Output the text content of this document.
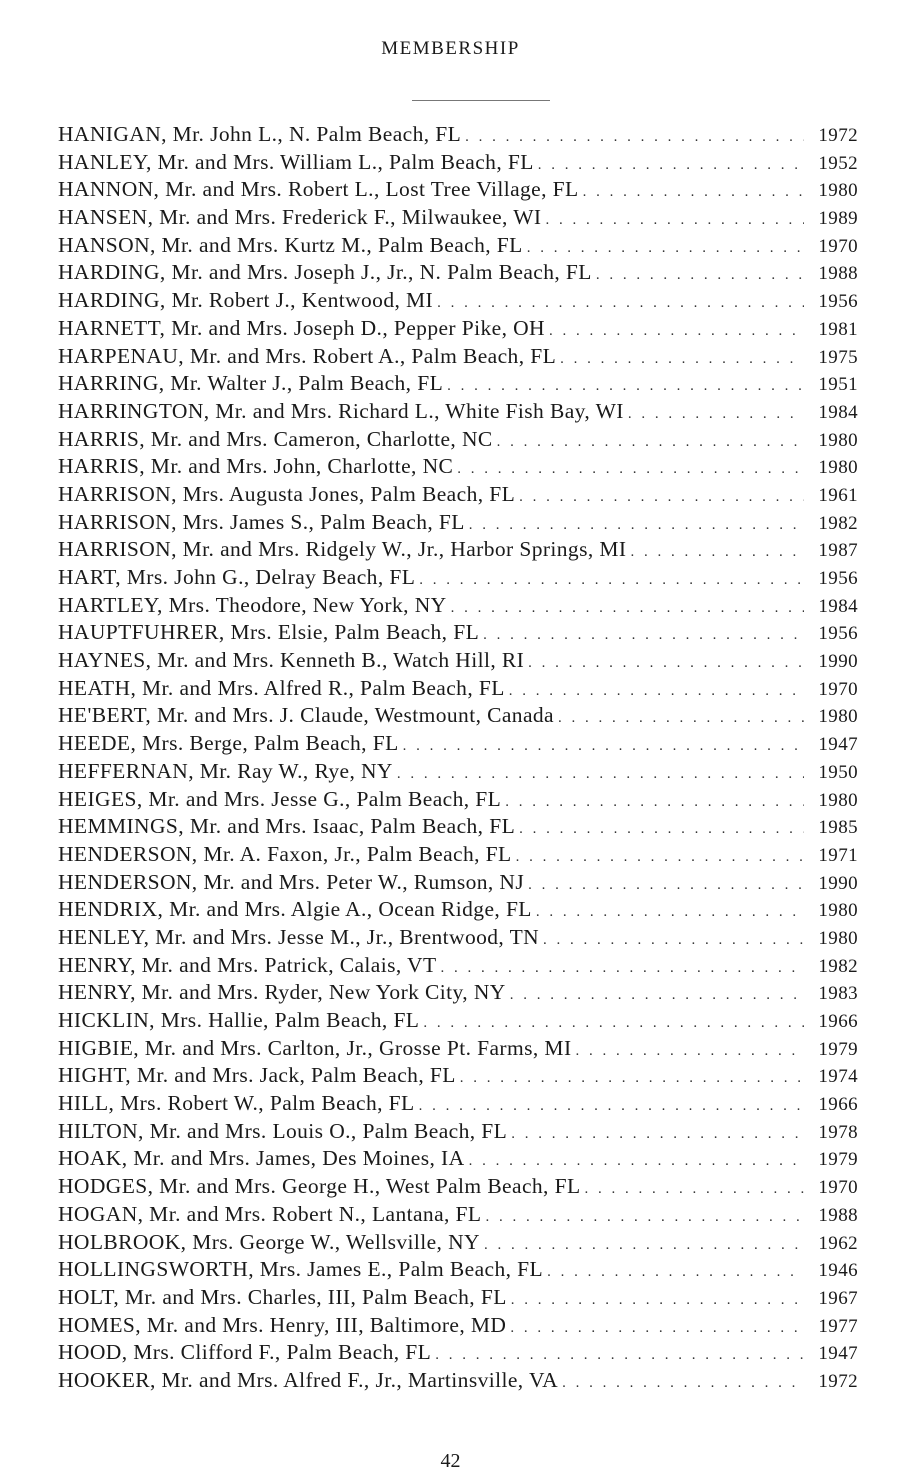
MEMBERSHIP
HANIGAN, Mr. John L., N. Palm Beach, FL . . .	1972
HANLEY, Mr. and Mrs. William L., Palm Beach, FL . . .	1952
HANNON, Mr. and Mrs. Robert L., Lost Tree Village, FL . . .	1980
HANSEN, Mr. and Mrs. Frederick F., Milwaukee, WI . . .	1989
HANSON, Mr. and Mrs. Kurtz M., Palm Beach, FL . . .	1970
HARDING, Mr. and Mrs. Joseph J., Jr., N. Palm Beach, FL . . .	1988
HARDING, Mr. Robert J., Kentwood, MI . . .	1956
HARNETT, Mr. and Mrs. Joseph D., Pepper Pike, OH . . .	1981
HARPENAU, Mr. and Mrs. Robert A., Palm Beach, FL . . .	1975
HARRING, Mr. Walter J., Palm Beach, FL . . .	1951
HARRINGTON, Mr. and Mrs. Richard L., White Fish Bay, WI . . .	1984
HARRIS, Mr. and Mrs. Cameron, Charlotte, NC . . .	1980
HARRIS, Mr. and Mrs. John, Charlotte, NC . . .	1980
HARRISON, Mrs. Augusta Jones, Palm Beach, FL . . .	1961
HARRISON, Mrs. James S., Palm Beach, FL . . .	1982
HARRISON, Mr. and Mrs. Ridgely W., Jr., Harbor Springs, MI . . .	1987
HART, Mrs. John G., Delray Beach, FL . . .	1956
HARTLEY, Mrs. Theodore, New York, NY . . .	1984
HAUPTFUHRER, Mrs. Elsie, Palm Beach, FL . . .	1956
HAYNES, Mr. and Mrs. Kenneth B., Watch Hill, RI . . .	1990
HEATH, Mr. and Mrs. Alfred R., Palm Beach, FL . . .	1970
HE'BERT, Mr. and Mrs. J. Claude, Westmount, Canada . . .	1980
HEEDE, Mrs. Berge, Palm Beach, FL . . .	1947
HEFFERNAN, Mr. Ray W., Rye, NY . . .	1950
HEIGES, Mr. and Mrs. Jesse G., Palm Beach, FL . . .	1980
HEMMINGS, Mr. and Mrs. Isaac, Palm Beach, FL . . .	1985
HENDERSON, Mr. A. Faxon, Jr., Palm Beach, FL . . .	1971
HENDERSON, Mr. and Mrs. Peter W., Rumson, NJ . . .	1990
HENDRIX, Mr. and Mrs. Algie A., Ocean Ridge, FL . . .	1980
HENLEY, Mr. and Mrs. Jesse M., Jr., Brentwood, TN . . .	1980
HENRY, Mr. and Mrs. Patrick, Calais, VT . . .	1982
HENRY, Mr. and Mrs. Ryder, New York City, NY . . .	1983
HICKLIN, Mrs. Hallie, Palm Beach, FL . . .	1966
HIGBIE, Mr. and Mrs. Carlton, Jr., Grosse Pt. Farms, MI . . .	1979
HIGHT, Mr. and Mrs. Jack, Palm Beach, FL . . .	1974
HILL, Mrs. Robert W., Palm Beach, FL . . .	1966
HILTON, Mr. and Mrs. Louis O., Palm Beach, FL . . .	1978
HOAK, Mr. and Mrs. James, Des Moines, IA . . .	1979
HODGES, Mr. and Mrs. George H., West Palm Beach, FL . . .	1970
HOGAN, Mr. and Mrs. Robert N., Lantana, FL . . .	1988
HOLBROOK, Mrs. George W., Wellsville, NY . . .	1962
HOLLINGSWORTH, Mrs. James E., Palm Beach, FL . . .	1946
HOLT, Mr. and Mrs. Charles, III, Palm Beach, FL . . .	1967
HOMES, Mr. and Mrs. Henry, III, Baltimore, MD . . .	1977
HOOD, Mrs. Clifford F., Palm Beach, FL . . .	1947
HOOKER, Mr. and Mrs. Alfred F., Jr., Martinsville, VA . . .	1972
42
